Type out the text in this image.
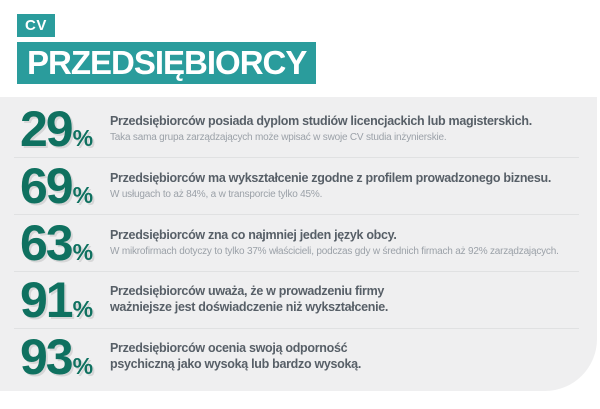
CV
PRZEDSIĘBIORCY
29 %
Przedsiębiorców posiada dyplom studiów licencjackich lub magisterskich.
Taka sama grupa zarządzających może wpisać w swoje CV studia inżynierskie.
69 %
Przedsiębiorców ma wykształcenie zgodne z profilem prowadzonego biznesu.
W usługach to aż 84%, a w transporcie tylko 45%.
63 %
Przedsiębiorców zna co najmniej jeden język obcy.
W mikrofirmach dotyczy to tylko 37% właścicieli, podczas gdy w średnich firmach aż 92% zarządzających.
91 %
Przedsiębiorców uważa, że w prowadzeniu firmy
ważniejsze jest doświadczenie niż wykształcenie.
93 %
Przedsiębiorców ocenia swoją odporność
psychiczną jako wysoką lub bardzo wysoką.
